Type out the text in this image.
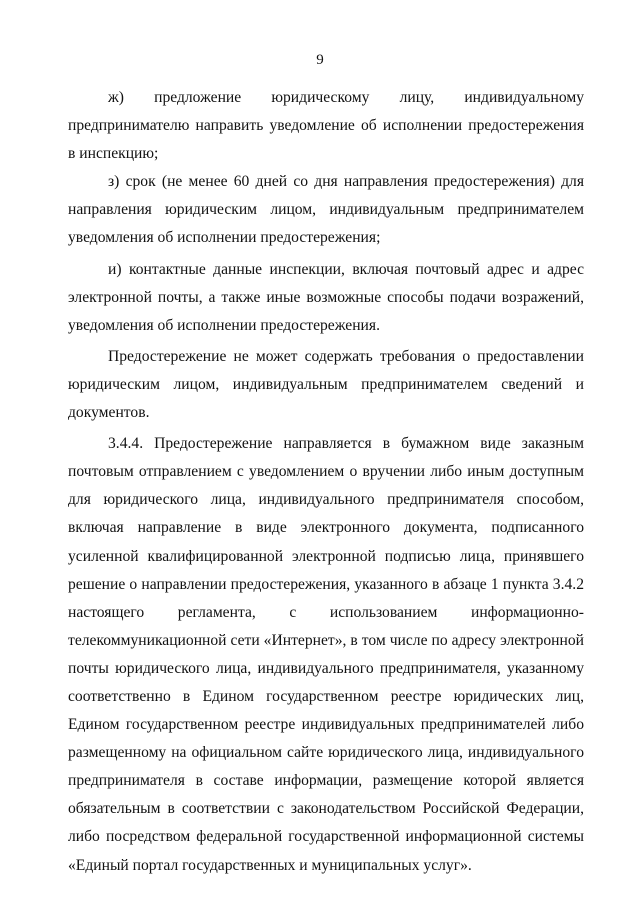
9

ж) предложение юридическому лицу, индивидуальному предпринимателю направить уведомление об исполнении предостережения в инспекцию;

з) срок (не менее 60 дней со дня направления предостережения) для направления юридическим лицом, индивидуальным предпринимателем уведомления об исполнении предостережения;

и) контактные данные инспекции, включая почтовый адрес и адрес электронной почты, а также иные возможные способы подачи возражений, уведомления об исполнении предостережения.

Предостережение не может содержать требования о предоставлении юридическим лицом, индивидуальным предпринимателем сведений и документов.

3.4.4. Предостережение направляется в бумажном виде заказным почтовым отправлением с уведомлением о вручении либо иным доступным для юридического лица, индивидуального предпринимателя способом, включая направление в виде электронного документа, подписанного усиленной квалифицированной электронной подписью лица, принявшего решение о направлении предостережения, указанного в абзаце 1 пункта 3.4.2 настоящего регламента, с использованием информационно-телекоммуникационной сети «Интернет», в том числе по адресу электронной почты юридического лица, индивидуального предпринимателя, указанному соответственно в Едином государственном реестре юридических лиц, Едином государственном реестре индивидуальных предпринимателей либо размещенному на официальном сайте юридического лица, индивидуального предпринимателя в составе информации, размещение которой является обязательным в соответствии с законодательством Российской Федерации, либо посредством федеральной государственной информационной системы «Единый портал государственных и муниципальных услуг».
